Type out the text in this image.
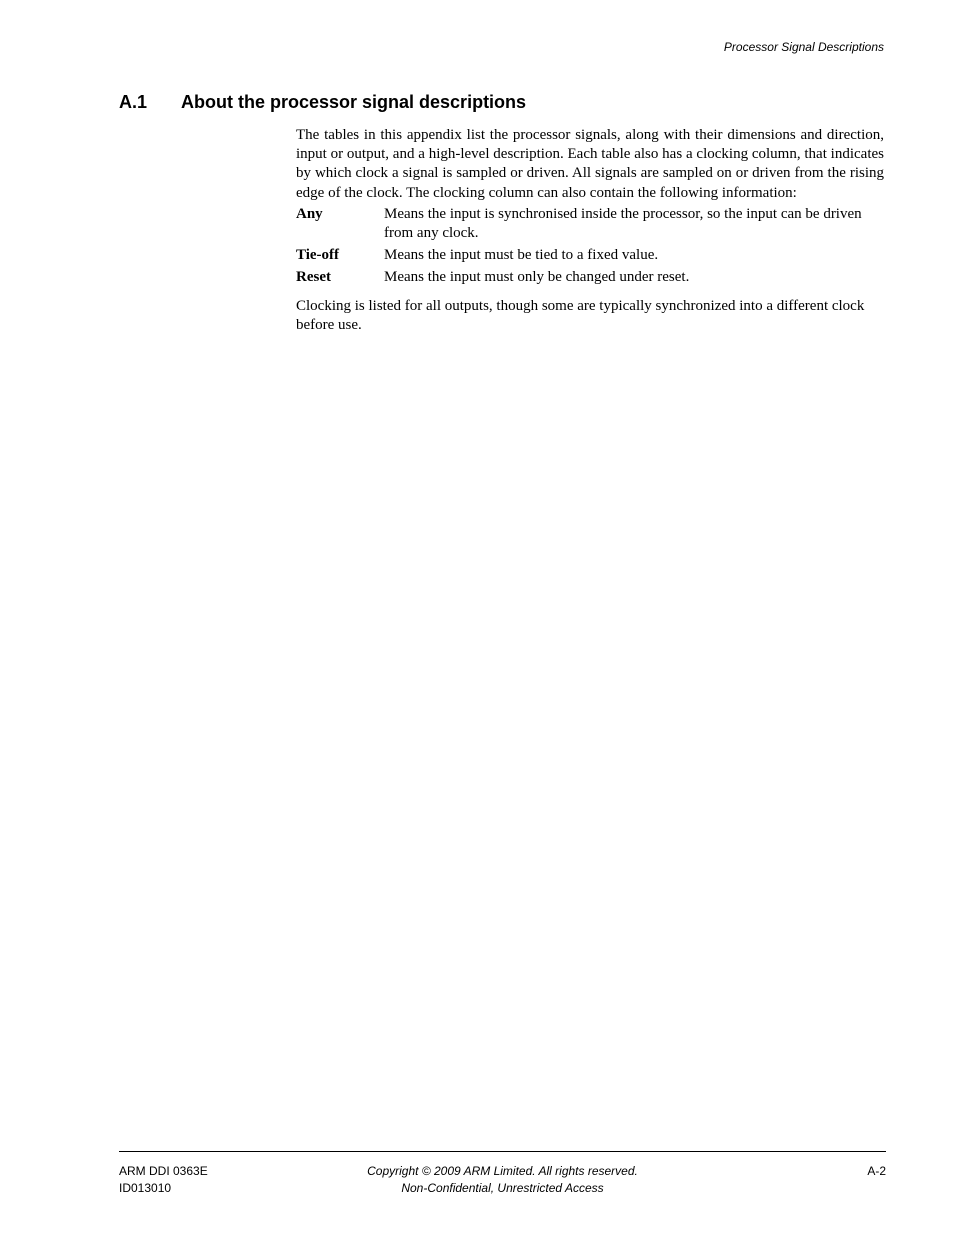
Processor Signal Descriptions
A.1 About the processor signal descriptions

The tables in this appendix list the processor signals, along with their dimensions and direction, input or output, and a high-level description. Each table also has a clocking column, that indicates by which clock a signal is sampled or driven. All signals are sampled on or driven from the rising edge of the clock. The clocking column can also contain the following information:

Any	Means the input is synchronised inside the processor, so the input can be driven from any clock.
Tie-off	Means the input must be tied to a fixed value.
Reset	Means the input must only be changed under reset.

Clocking is listed for all outputs, though some are typically synchronized into a different clock before use.

ARM DDI 0363E
ID013010
Copyright © 2009 ARM Limited. All rights reserved.
Non-Confidential, Unrestricted Access
A-2
